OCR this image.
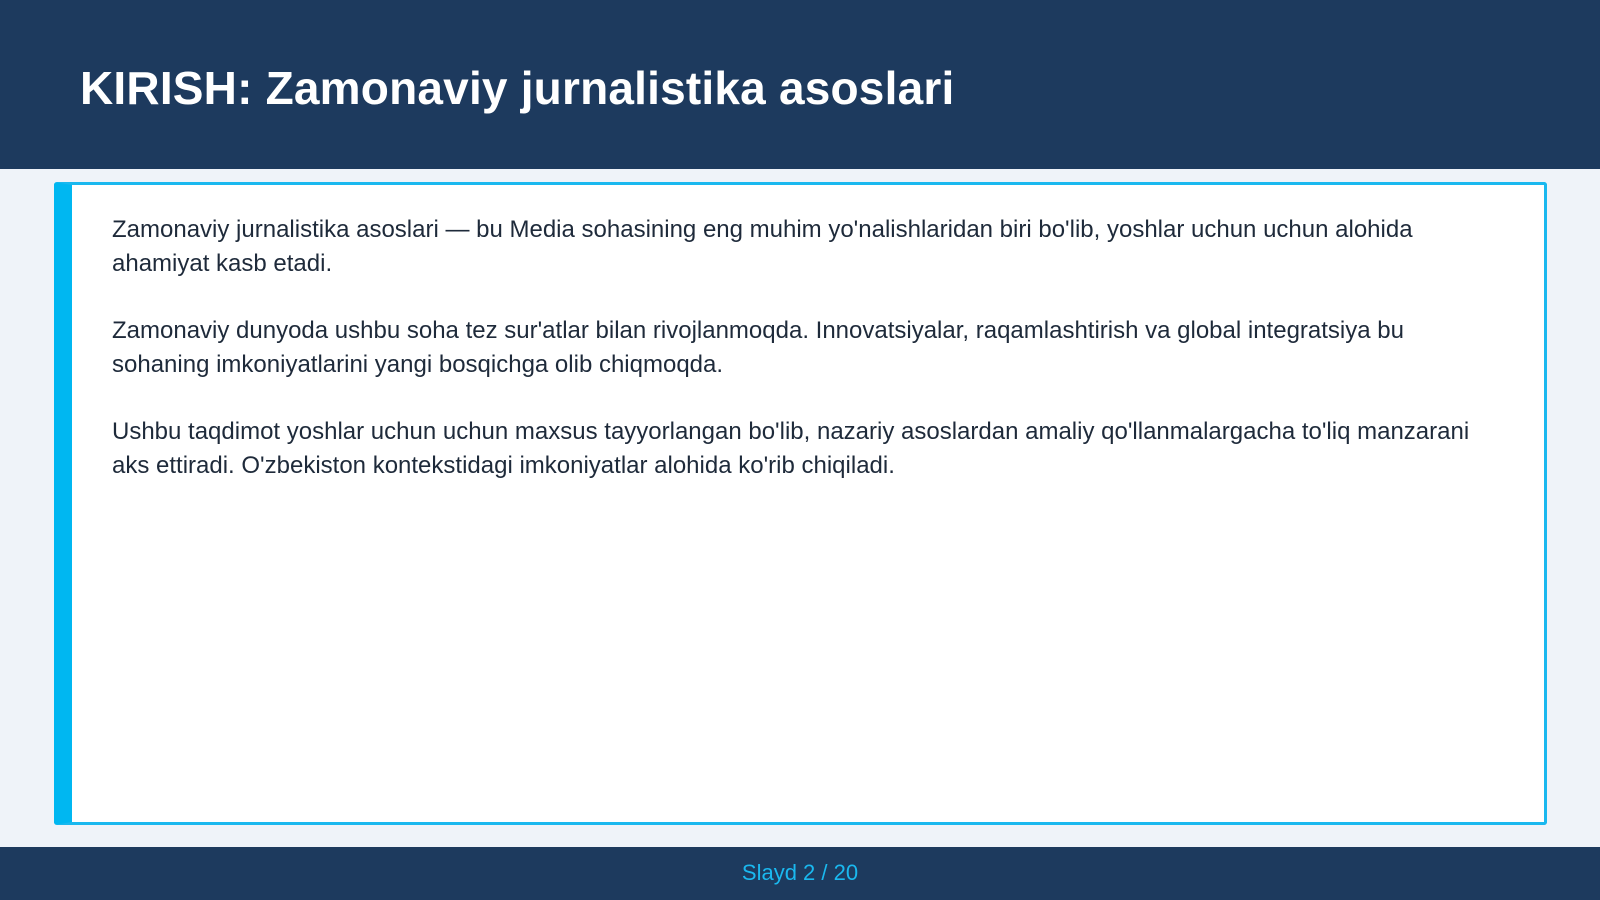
KIRISH: Zamonaviy jurnalistika asoslari

Zamonaviy jurnalistika asoslari — bu Media sohasining eng muhim yo'nalishlaridan biri bo'lib, yoshlar uchun uchun alohida ahamiyat kasb etadi.

Zamonaviy dunyoda ushbu soha tez sur'atlar bilan rivojlanmoqda. Innovatsiyalar, raqamlashtirish va global integratsiya bu sohaning imkoniyatlarini yangi bosqichga olib chiqmoqda.

Ushbu taqdimot yoshlar uchun uchun maxsus tayyorlangan bo'lib, nazariy asoslardan amaliy qo'llanmalargacha to'liq manzarani aks ettiradi. O'zbekiston kontekstidagi imkoniyatlar alohida ko'rib chiqiladi.

Slayd 2 / 20
